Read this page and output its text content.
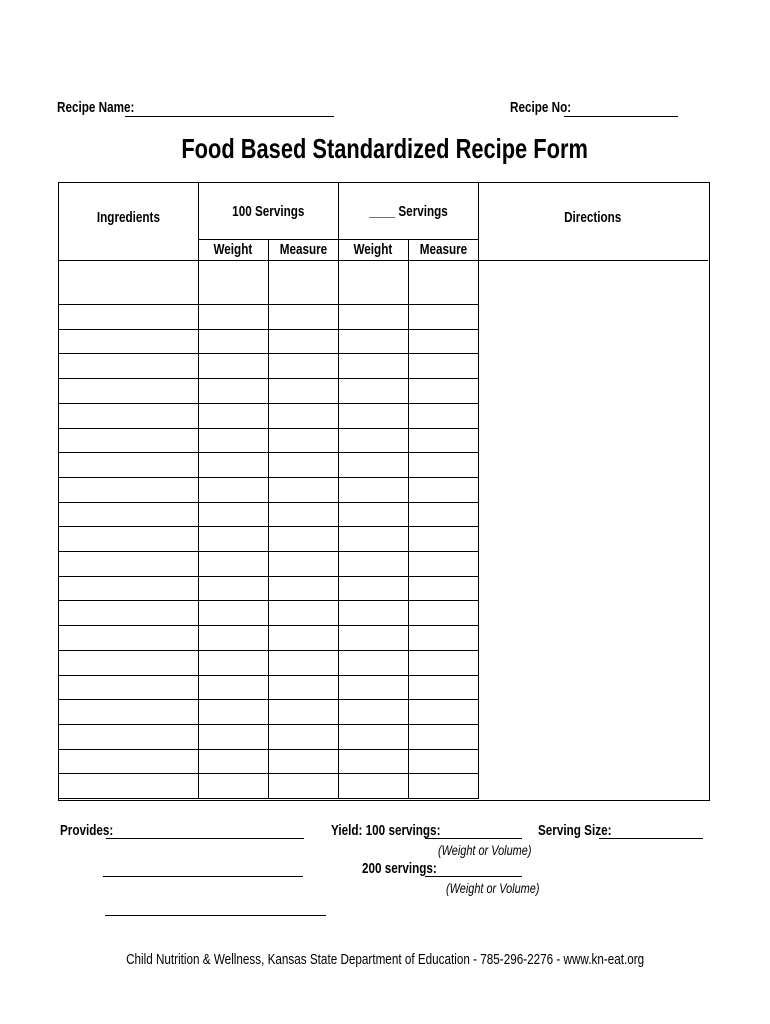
Recipe Name:	Recipe No:
Food Based Standardized Recipe Form
Ingredients	100 Servings	____ Servings	Directions
Weight	Measure	Weight	Measure
Provides:	Yield: 100 servings:
(Weight or Volume)
200 servings:
(Weight or Volume)
Serving Size:
Child Nutrition & Wellness, Kansas State Department of Education - 785-296-2276 - www.kn-eat.org
